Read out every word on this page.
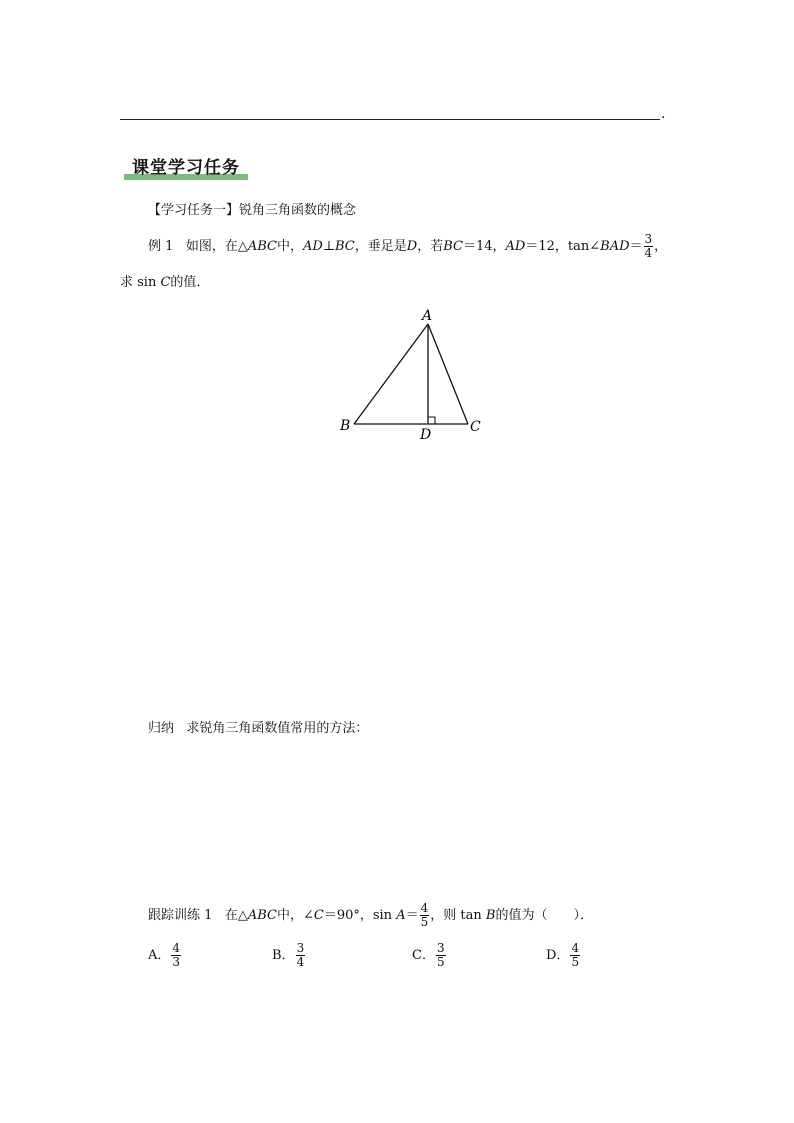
.
课堂学习任务
【学习任务一】锐角三角函数的概念
例 1 如图，在△ABC中，AD⊥BC，垂足是D，若BC＝14，AD＝12，tan∠BAD＝ $\frac{3}{4}$ ，
求 sin C的值．
A
B	C
D
归纳 求锐角三角函数值常用的方法：
跟踪训练 1 在△ABC中，∠C＝90°，$\sin A= \frac{4}{5}$ ，则 tan B的值为（　　）．
A． $\frac{4}{3}$	B． $\frac{3}{4}$	C． $\frac{3}{5}$	D． $\frac{4}{5}$
